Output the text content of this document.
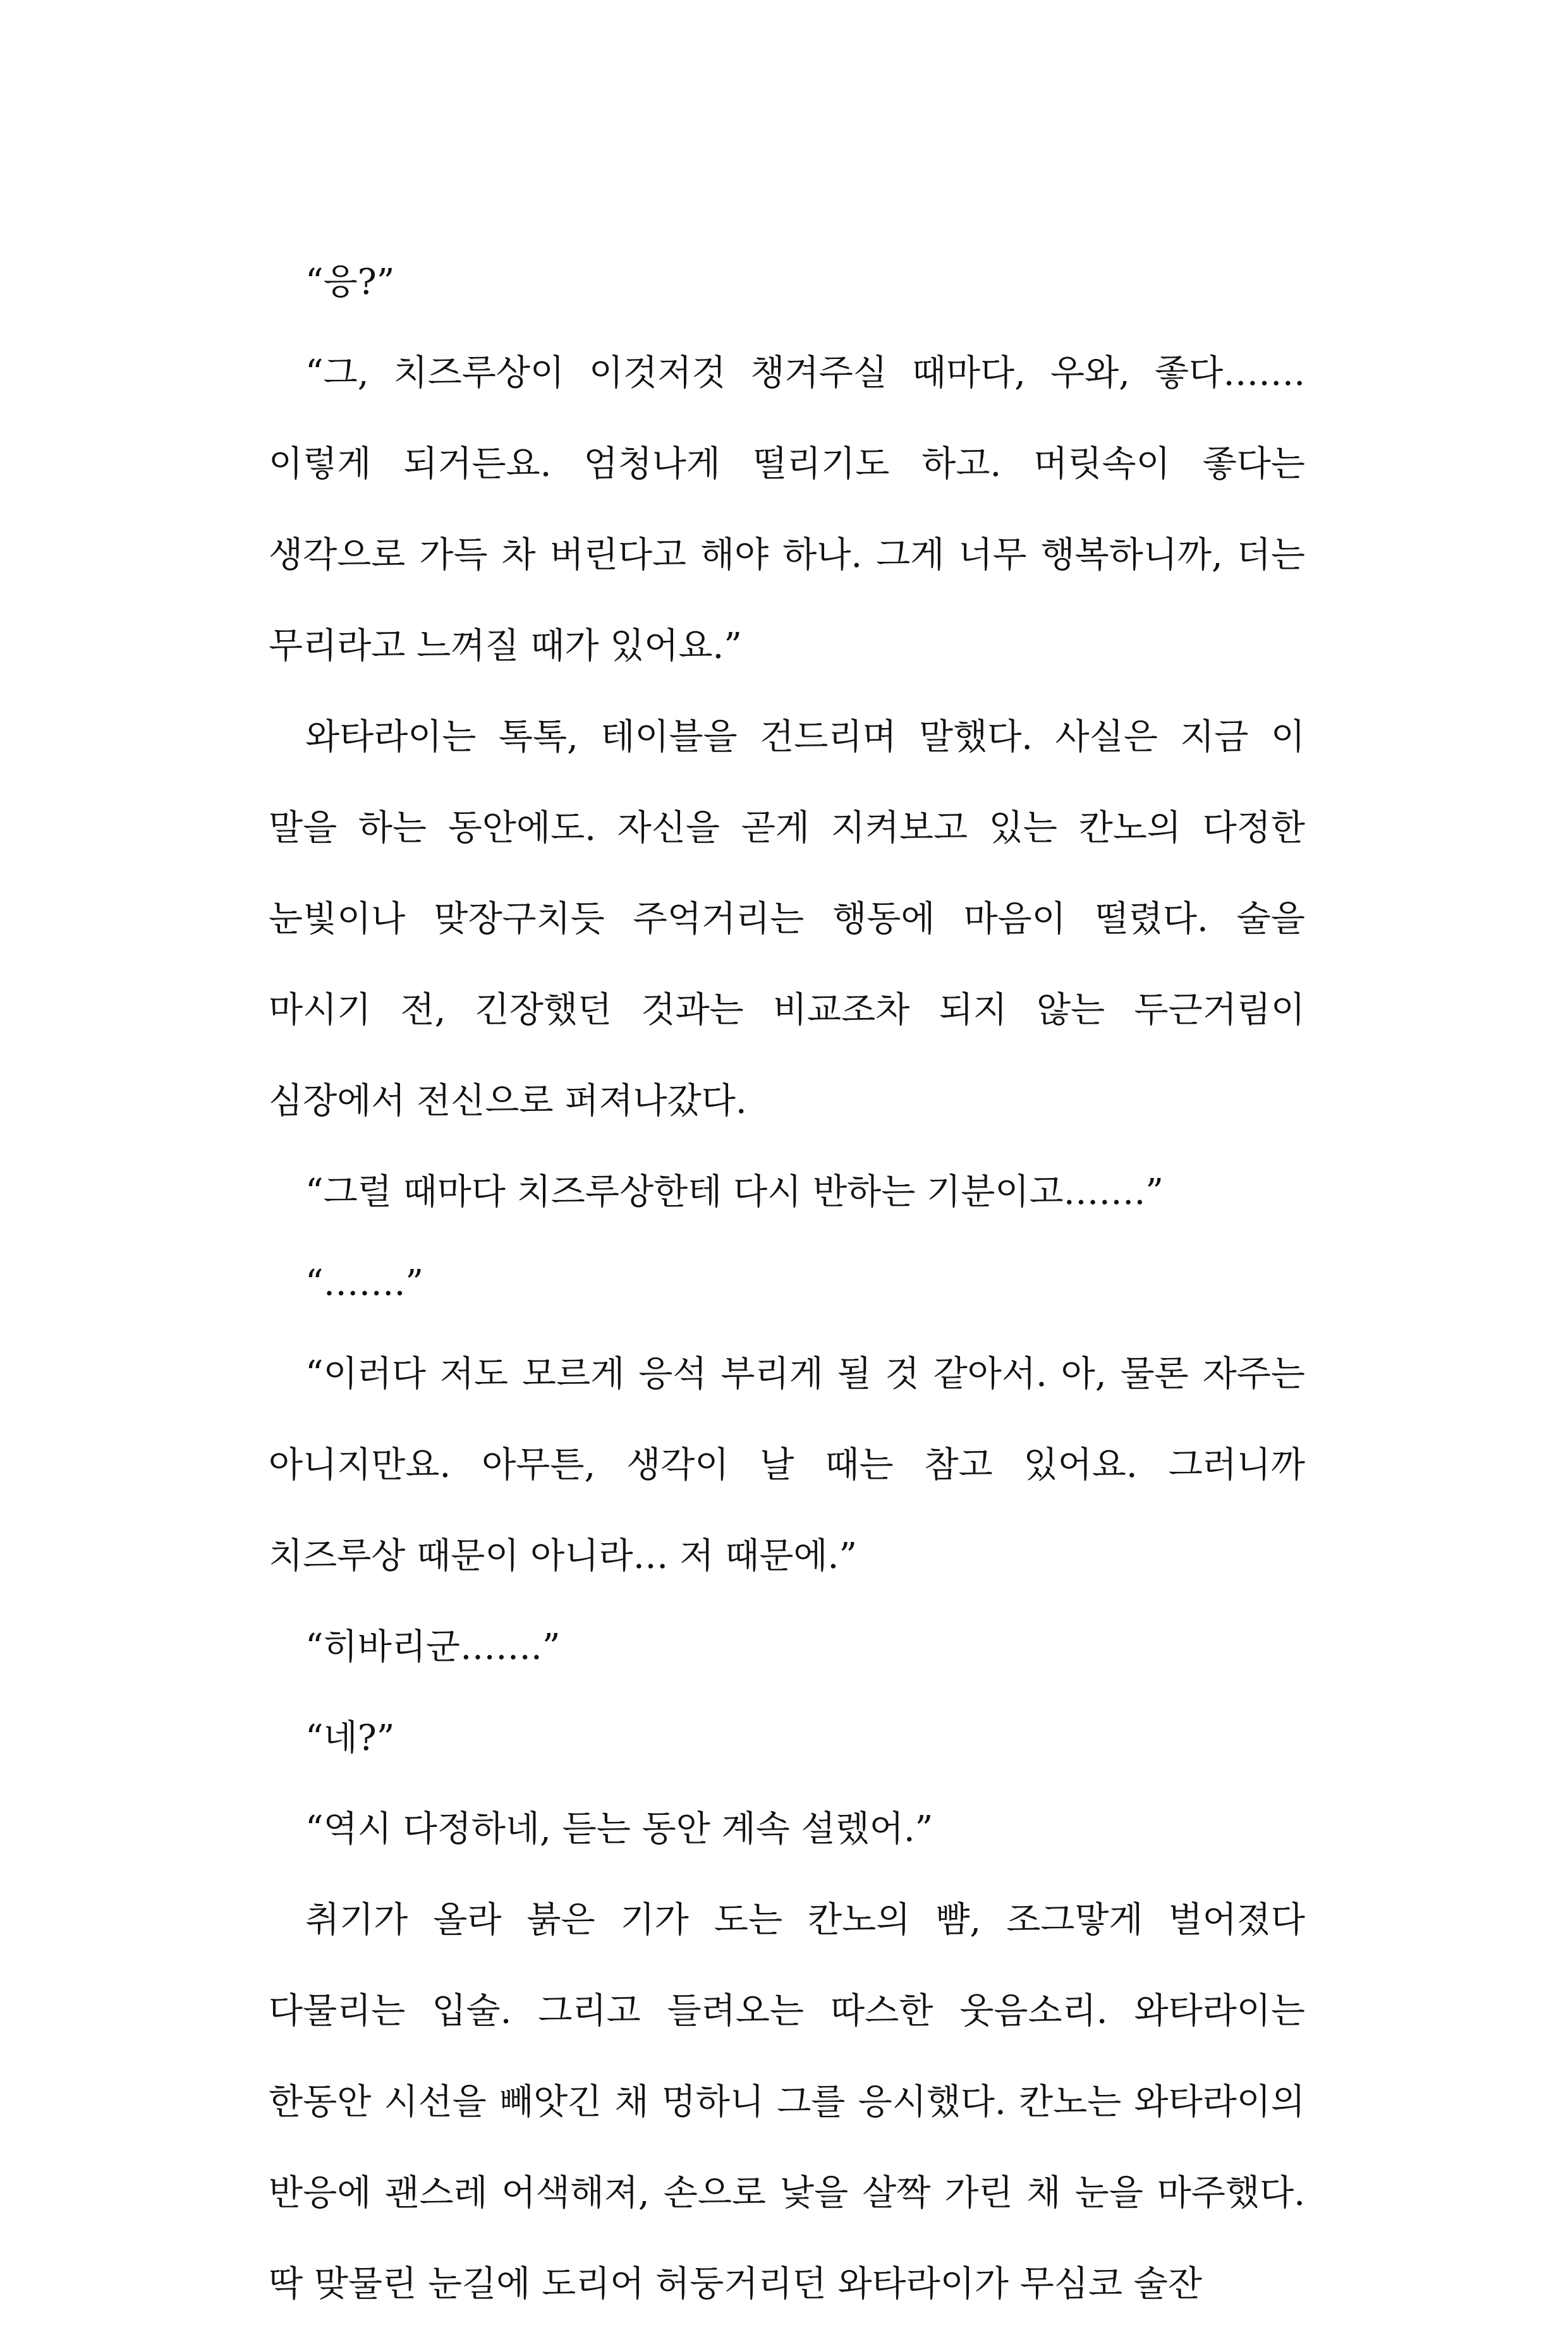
“응?”

“그, 치즈루상이 이것저것 챙겨주실 때마다, 우와, 좋다……. 이렇게 되거든요. 엄청나게 떨리기도 하고. 머릿속이 좋다는 생각으로 가득 차 버린다고 해야 하나. 그게 너무 행복하니까, 더는 무리라고 느껴질 때가 있어요.”

와타라이는 톡톡, 테이블을 건드리며 말했다. 사실은 지금 이 말을 하는 동안에도. 자신을 곧게 지켜보고 있는 칸노의 다정한 눈빛이나 맞장구치듯 주억거리는 행동에 마음이 떨렸다. 술을 마시기 전, 긴장했던 것과는 비교조차 되지 않는 두근거림이 심장에서 전신으로 퍼져나갔다.

“그럴 때마다 치즈루상한테 다시 반하는 기분이고…….”

“…….”

“이러다 저도 모르게 응석 부리게 될 것 같아서. 아, 물론 자주는 아니지만요. 아무튼, 생각이 날 때는 참고 있어요. 그러니까 치즈루상 때문이 아니라… 저 때문에.”

“히바리군…….”

“네?”

“역시 다정하네, 듣는 동안 계속 설렜어.”

취기가 올라 붉은 기가 도는 칸노의 뺨, 조그맣게 벌어졌다 다물리는 입술. 그리고 들려오는 따스한 웃음소리. 와타라이는 한동안 시선을 빼앗긴 채 멍하니 그를 응시했다. 칸노는 와타라이의 반응에 괜스레 어색해져, 손으로 낯을 살짝 가린 채 눈을 마주했다. 딱 맞물린 눈길에 도리어 허둥거리던 와타라이가 무심코 술잔
